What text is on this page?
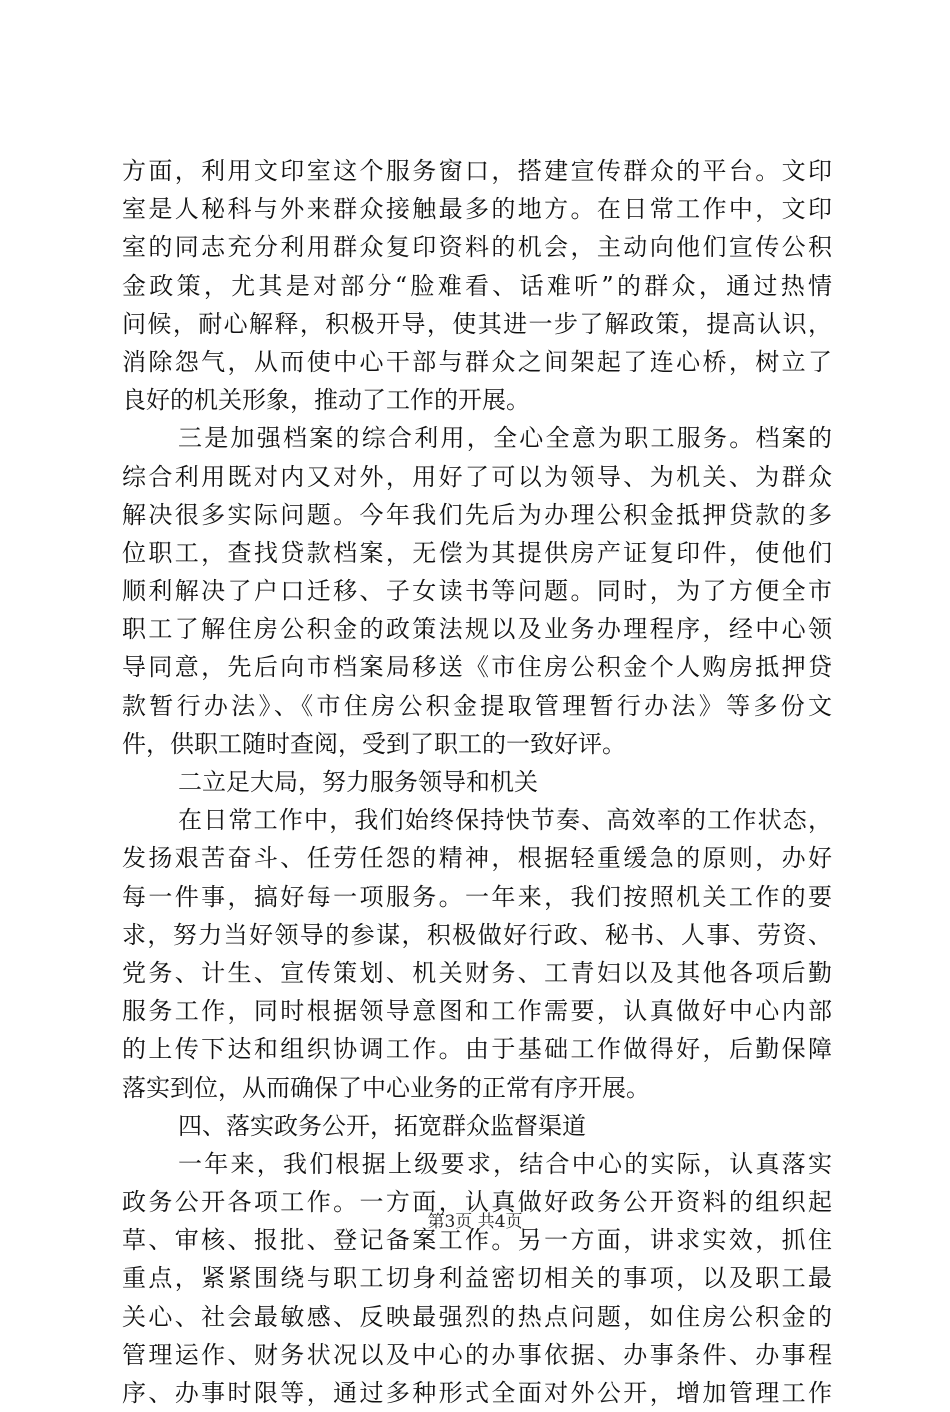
方面，利用文印室这个服务窗口，搭建宣传群众的平台。文印
室是人秘科与外来群众接触最多的地方。在日常工作中，文印
室的同志充分利用群众复印资料的机会，主动向他们宣传公积
金政策，尤其是对部分“脸难看、话难听”的群众，通过热情
问候，耐心解释，积极开导，使其进一步了解政策，提高认识，
消除怨气，从而使中心干部与群众之间架起了连心桥，树立了
良好的机关形象，推动了工作的开展。
三是加强档案的综合利用，全心全意为职工服务。档案的
综合利用既对内又对外，用好了可以为领导、为机关、为群众
解决很多实际问题。今年我们先后为办理公积金抵押贷款的多
位职工，查找贷款档案，无偿为其提供房产证复印件，使他们
顺利解决了户口迁移、子女读书等问题。同时，为了方便全市
职工了解住房公积金的政策法规以及业务办理程序，经中心领
导同意，先后向市档案局移送《市住房公积金个人购房抵押贷
款暂行办法》、《市住房公积金提取管理暂行办法》等多份文
件，供职工随时查阅，受到了职工的一致好评。
二立足大局，努力服务领导和机关
在日常工作中，我们始终保持快节奏、高效率的工作状态，
发扬艰苦奋斗、任劳任怨的精神，根据轻重缓急的原则，办好
每一件事，搞好每一项服务。一年来，我们按照机关工作的要
求，努力当好领导的参谋，积极做好行政、秘书、人事、劳资、
党务、计生、宣传策划、机关财务、工青妇以及其他各项后勤
服务工作，同时根据领导意图和工作需要，认真做好中心内部
的上传下达和组织协调工作。由于基础工作做得好，后勤保障
落实到位，从而确保了中心业务的正常有序开展。
四、落实政务公开，拓宽群众监督渠道
一年来，我们根据上级要求，结合中心的实际，认真落实
政务公开各项工作。一方面，认真做好政务公开资料的组织起
草、审核、报批、登记备案工作。另一方面，讲求实效，抓住
重点，紧紧围绕与职工切身利益密切相关的事项，以及职工最
关心、社会最敏感、反映最强烈的热点问题，如住房公积金的
管理运作、财务状况以及中心的办事依据、办事条件、办事程
序、办事时限等，通过多种形式全面对外公开，增加管理工作
第3页 共4页
